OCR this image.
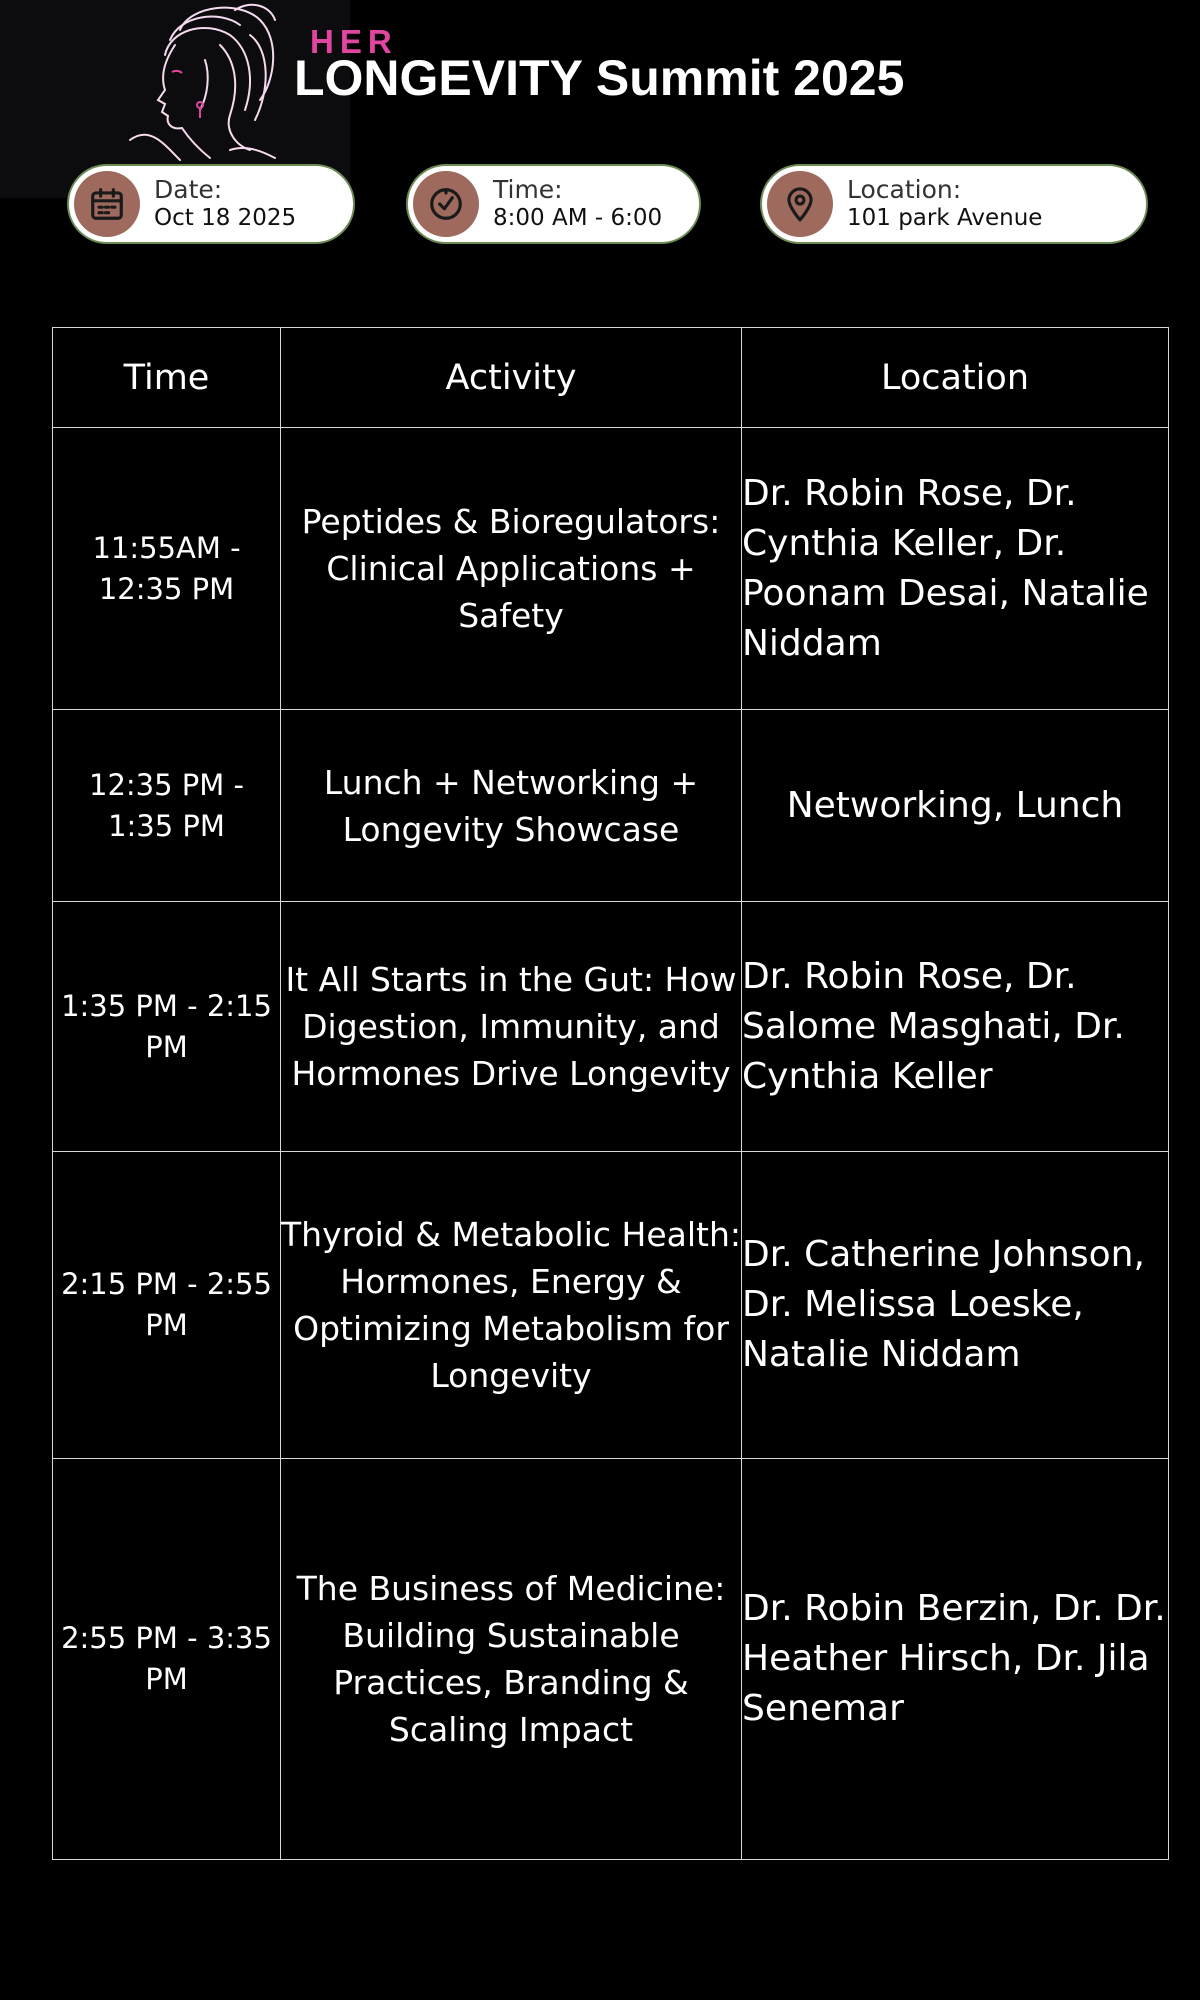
HER
LONGEVITY Summit 2025
Date:
Oct 18 2025
Time:
8:00 AM - 6:00
Location:
101 park Avenue
Time	Activity	Location
11:55AM - 12:35 PM	Peptides & Bioregulators: Clinical Applications + Safety	Dr. Robin Rose, Dr. Cynthia Keller, Dr. Poonam Desai, Natalie Niddam
12:35 PM - 1:35 PM	Lunch + Networking + Longevity Showcase	Networking, Lunch
1:35 PM - 2:15 PM	It All Starts in the Gut: How Digestion, Immunity, and Hormones Drive Longevity	Dr. Robin Rose, Dr. Salome Masghati, Dr. Cynthia Keller
2:15 PM - 2:55 PM	Thyroid & Metabolic Health: Hormones, Energy & Optimizing Metabolism for Longevity	Dr. Catherine Johnson, Dr. Melissa Loeske, Natalie Niddam
2:55 PM - 3:35 PM	The Business of Medicine: Building Sustainable Practices, Branding & Scaling Impact	Dr. Robin Berzin, Dr. Dr. Heather Hirsch, Dr. Jila Senemar
